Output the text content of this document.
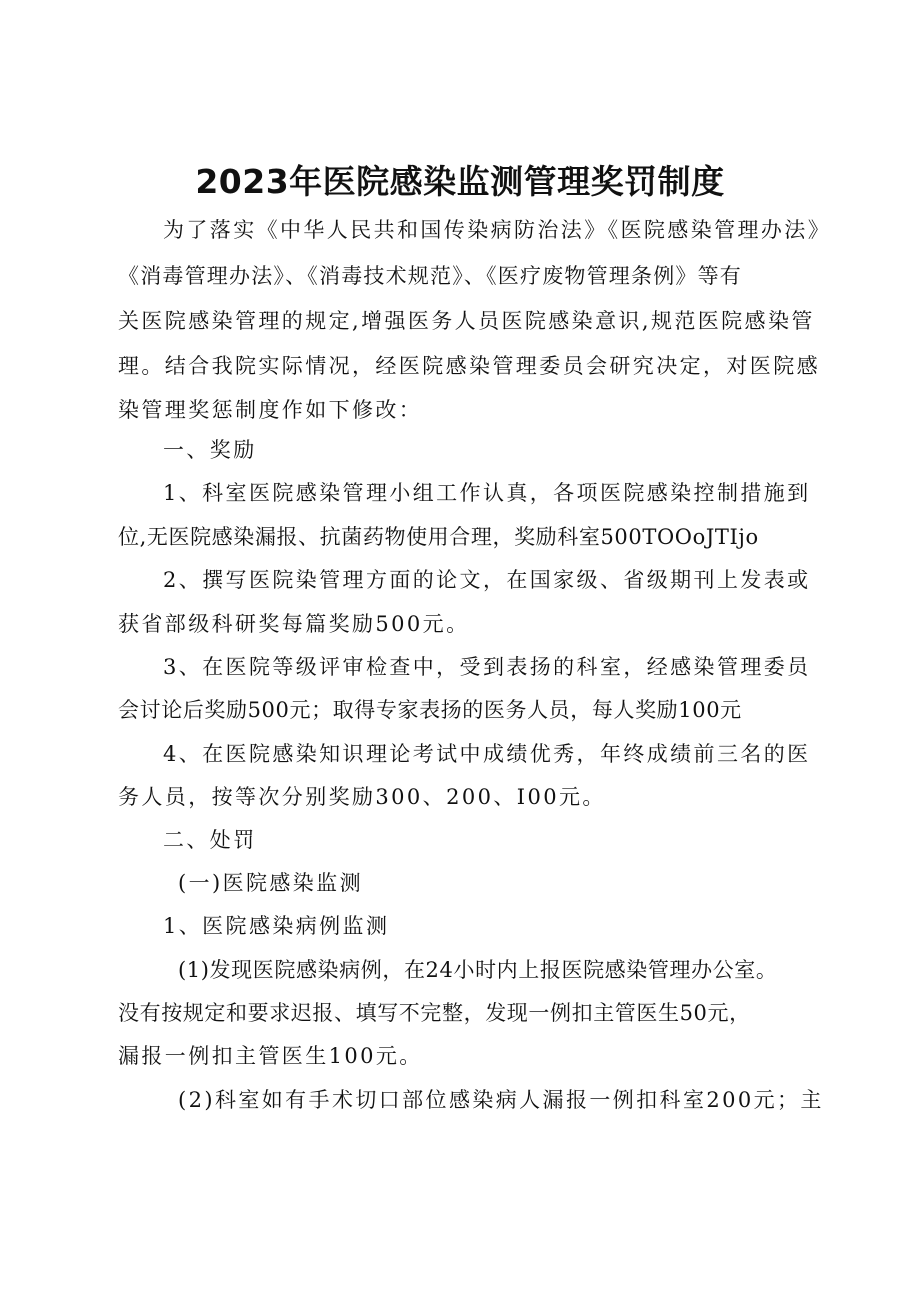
2023年医院感染监测管理奖罚制度
为了落实《中华人民共和国传染病防治法》《医院感染管理办法》
《消毒管理办法》、《消毒技术规范》、《医疗废物管理条例》等有
关医院感染管理的规定,增强医务人员医院感染意识,规范医院感染管
理。结合我院实际情况，经医院感染管理委员会研究决定，对医院感
染管理奖惩制度作如下修改：
一、奖励
1、科室医院感染管理小组工作认真，各项医院感染控制措施到
位,无医院感染漏报、抗菌药物使用合理，奖励科室500TOOoJTIjo
2、撰写医院染管理方面的论文，在国家级、省级期刊上发表或
获省部级科研奖每篇奖励500元。
3、在医院等级评审检查中，受到表扬的科室，经感染管理委员
会讨论后奖励500元；取得专家表扬的医务人员，每人奖励100元
4、在医院感染知识理论考试中成绩优秀，年终成绩前三名的医
务人员，按等次分别奖励300、200、I00元。
二、处罚
(一)医院感染监测
1、医院感染病例监测
(1)发现医院感染病例，在24小时内上报医院感染管理办公室。
没有按规定和要求迟报、填写不完整，发现一例扣主管医生50元，
漏报一例扣主管医生100元。
(2)科室如有手术切口部位感染病人漏报一例扣科室200元；主
